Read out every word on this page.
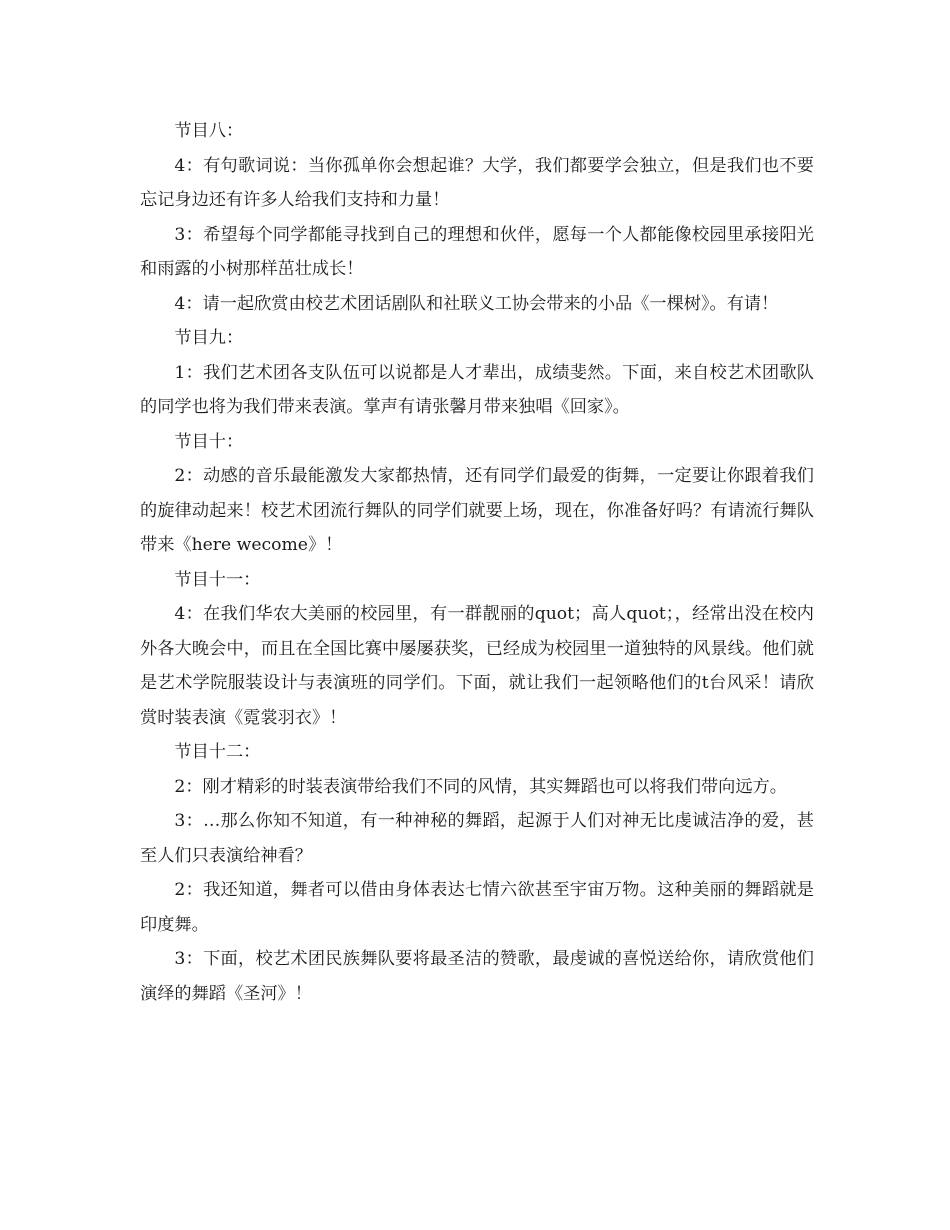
节目八：

4：有句歌词说：当你孤单你会想起谁？大学，我们都要学会独立，但是我们也不要忘记身边还有许多人给我们支持和力量！

3：希望每个同学都能寻找到自己的理想和伙伴，愿每一个人都能像校园里承接阳光和雨露的小树那样茁壮成长！

4：请一起欣赏由校艺术团话剧队和社联义工协会带来的小品《一棵树》。有请！

节目九：

1：我们艺术团各支队伍可以说都是人才辈出，成绩斐然。下面，来自校艺术团歌队的同学也将为我们带来表演。掌声有请张馨月带来独唱《回家》。

节目十：

2：动感的音乐最能激发大家都热情，还有同学们最爱的街舞，一定要让你跟着我们的旋律动起来！校艺术团流行舞队的同学们就要上场，现在，你准备好吗？有请流行舞队带来《here wecome》！

节目十一：

4：在我们华农大美丽的校园里，有一群靓丽的quot；高人quot；，经常出没在校内外各大晚会中，而且在全国比赛中屡屡获奖，已经成为校园里一道独特的风景线。他们就是艺术学院服装设计与表演班的同学们。下面，就让我们一起领略他们的t台风采！请欣赏时装表演《霓裳羽衣》！

节目十二：

2：刚才精彩的时装表演带给我们不同的风情，其实舞蹈也可以将我们带向远方。

3：…那么你知不知道，有一种神秘的舞蹈，起源于人们对神无比虔诚洁净的爱，甚至人们只表演给神看？

2：我还知道，舞者可以借由身体表达七情六欲甚至宇宙万物。这种美丽的舞蹈就是印度舞。

3：下面，校艺术团民族舞队要将最圣洁的赞歌，最虔诚的喜悦送给你，请欣赏他们演绎的舞蹈《圣河》！
